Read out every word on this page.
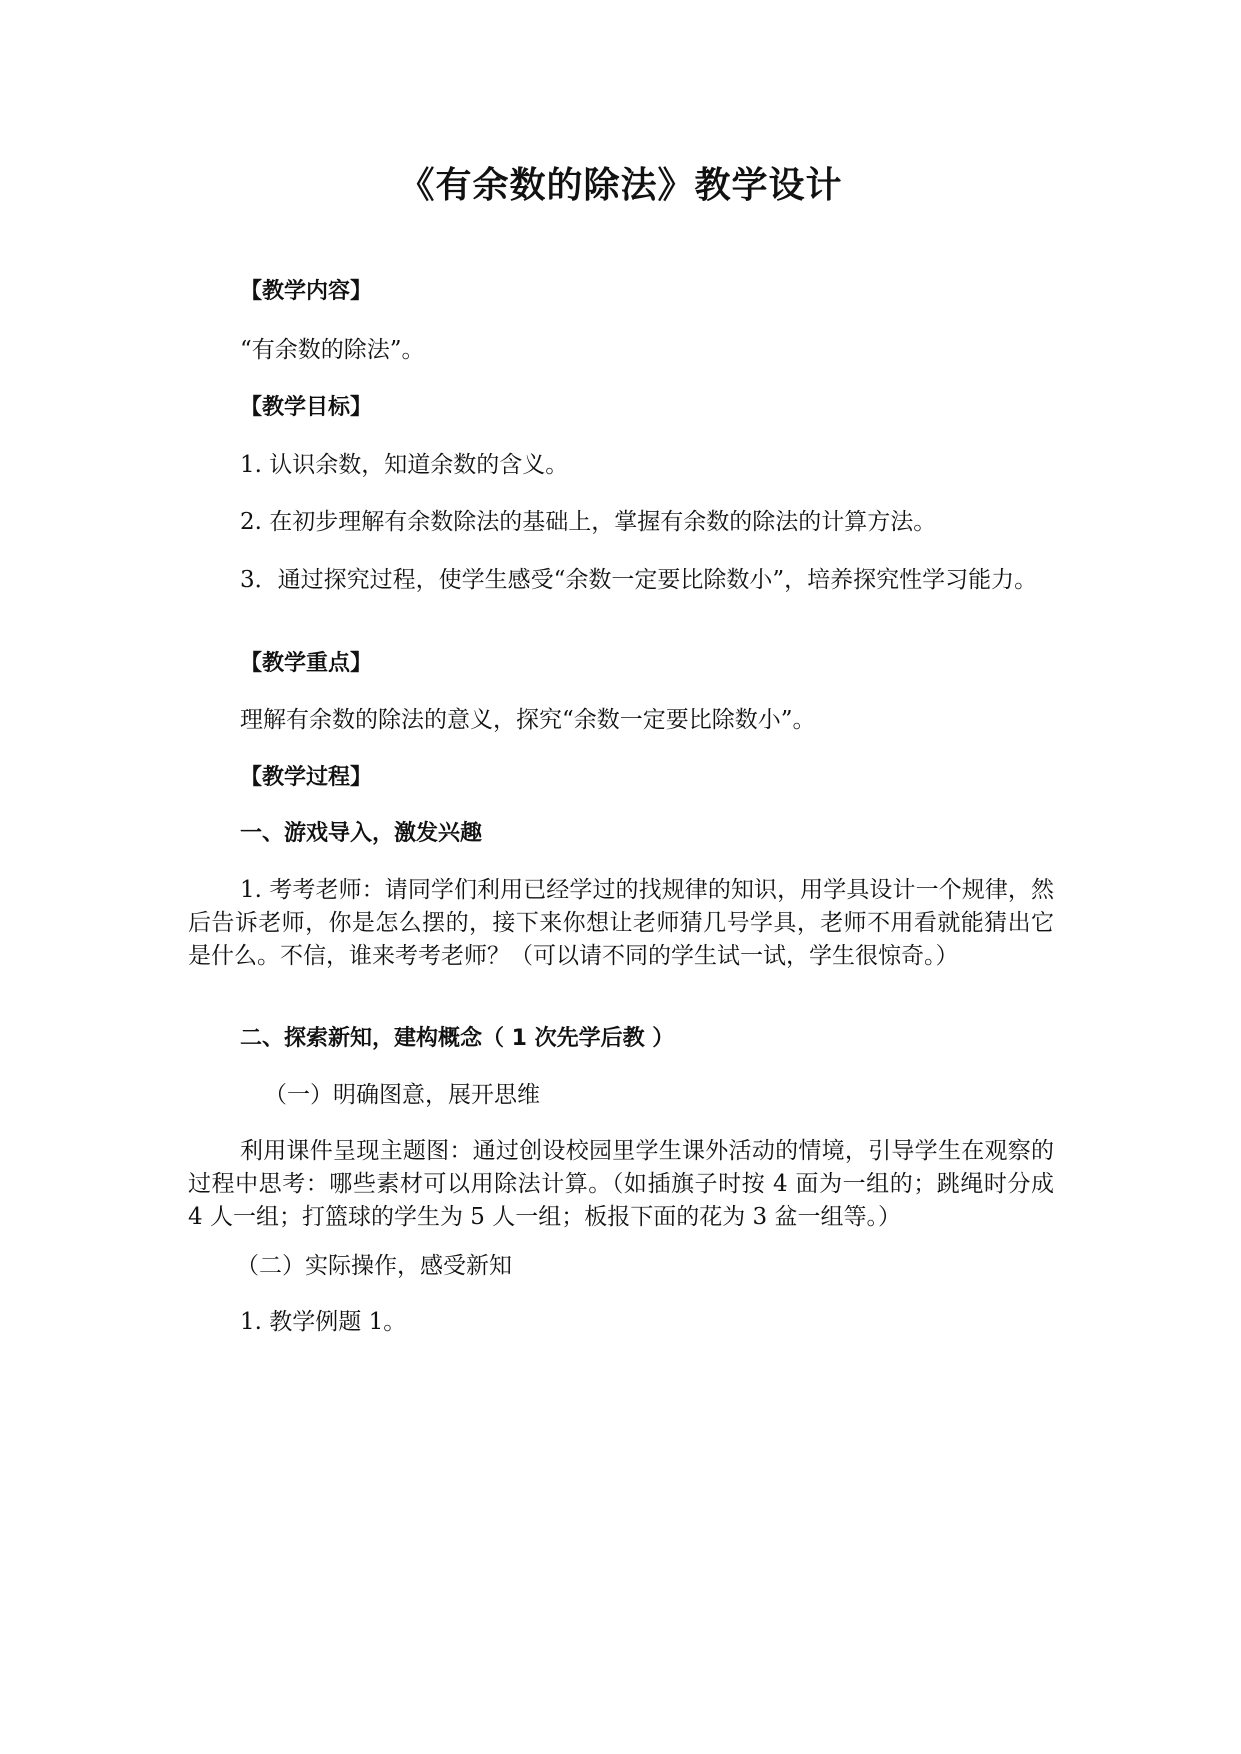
《有余数的除法》教学设计

【教学内容】

“有余数的除法”。

【教学目标】

1. 认识余数，知道余数的含义。

2. 在初步理解有余数除法的基础上，掌握有余数的除法的计算方法。

3．通过探究过程，使学生感受“余数一定要比除数小”，培养探究性学习能力。

【教学重点】

理解有余数的除法的意义，探究“余数一定要比除数小”。

【教学过程】

一、游戏导入，激发兴趣

1. 考考老师：请同学们利用已经学过的找规律的知识，用学具设计一个规律，然后告诉老师，你是怎么摆的，接下来你想让老师猜几号学具，老师不用看就能猜出它是什么。不信，谁来考考老师？（可以请不同的学生试一试，学生很惊奇。）

二、探索新知，建构概念（ 1 次先学后教 ）

（一）明确图意，展开思维

利用课件呈现主题图：通过创设校园里学生课外活动的情境，引导学生在观察的过程中思考：哪些素材可以用除法计算。（如插旗子时按 4 面为一组的；跳绳时分成 4 人一组；打篮球的学生为 5 人一组；板报下面的花为 3 盆一组等。）

（二）实际操作，感受新知

1. 教学例题 1。
